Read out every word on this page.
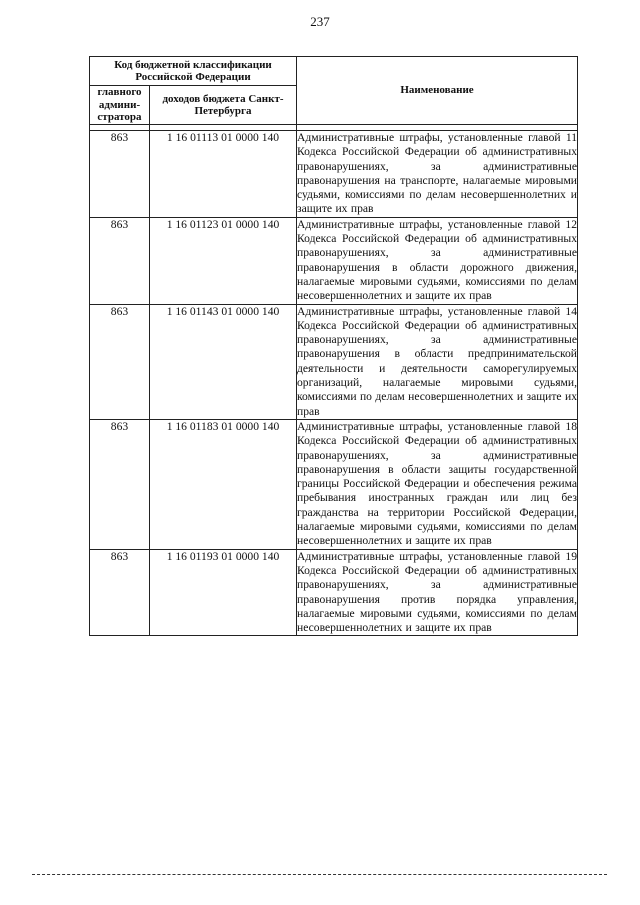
237
Код бюджетной классификации Российской Федерации		Наименование
главного админи-стратора	доходов бюджета Санкт-Петербурга	

863	1 16 01113 01 0000 140	Административные штрафы, установленные главой 11 Кодекса Российской Федерации об административных правонарушениях, за административные правонарушения на транспорте, налагаемые мировыми судьями, комиссиями по делам несовершеннолетних и защите их прав
863	1 16 01123 01 0000 140	Административные штрафы, установленные главой 12 Кодекса Российской Федерации об административных правонарушениях, за административные правонарушения в области дорожного движения, налагаемые мировыми судьями, комиссиями по делам несовершеннолетних и защите их прав
863	1 16 01143 01 0000 140	Административные штрафы, установленные главой 14 Кодекса Российской Федерации об административных правонарушениях, за административные правонарушения в области предпринимательской деятельности и деятельности саморегулируемых организаций, налагаемые мировыми судьями, комиссиями по делам несовершеннолетних и защите их прав
863	1 16 01183 01 0000 140	Административные штрафы, установленные главой 18 Кодекса Российской Федерации об административных правонарушениях, за административные правонарушения в области защиты государственной границы Российской Федерации и обеспечения режима пребывания иностранных граждан или лиц без гражданства на территории Российской Федерации, налагаемые мировыми судьями, комиссиями по делам несовершеннолетних и защите их прав
863	1 16 01193 01 0000 140	Административные штрафы, установленные главой 19 Кодекса Российской Федерации об административных правонарушениях, за административные правонарушения против порядка управления, налагаемые мировыми судьями, комиссиями по делам несовершеннолетних и защите их прав
